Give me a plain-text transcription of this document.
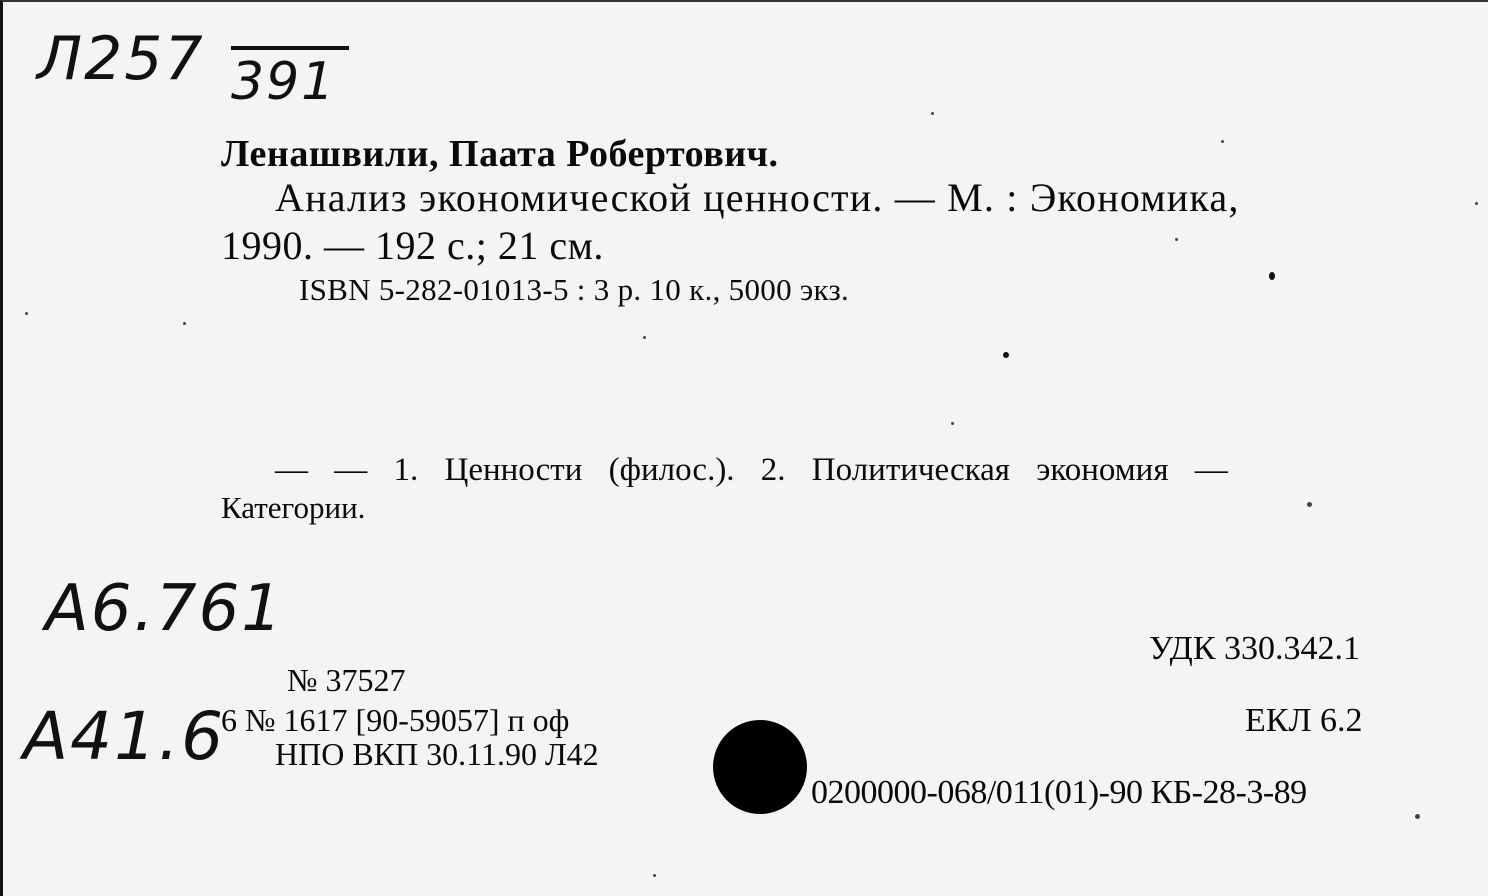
Л257 391
А6.761
А41.6
Ленашвили, Паата Робертович.
Анализ экономической ценности. — М. : Экономика,
1990. — 192 с.; 21 см.
ISBN 5-282-01013-5 : 3 р. 10 к., 5000 экз.
— — 1. Ценности (филос.). 2. Политическая экономия —
Категории.
№ 37527
6 № 1617 [90-59057] п оф
НПО ВКП 30.11.90 Л42
УДК 330.342.1
ЕКЛ 6.2
0200000-068/011(01)-90 КБ-28-3-89
